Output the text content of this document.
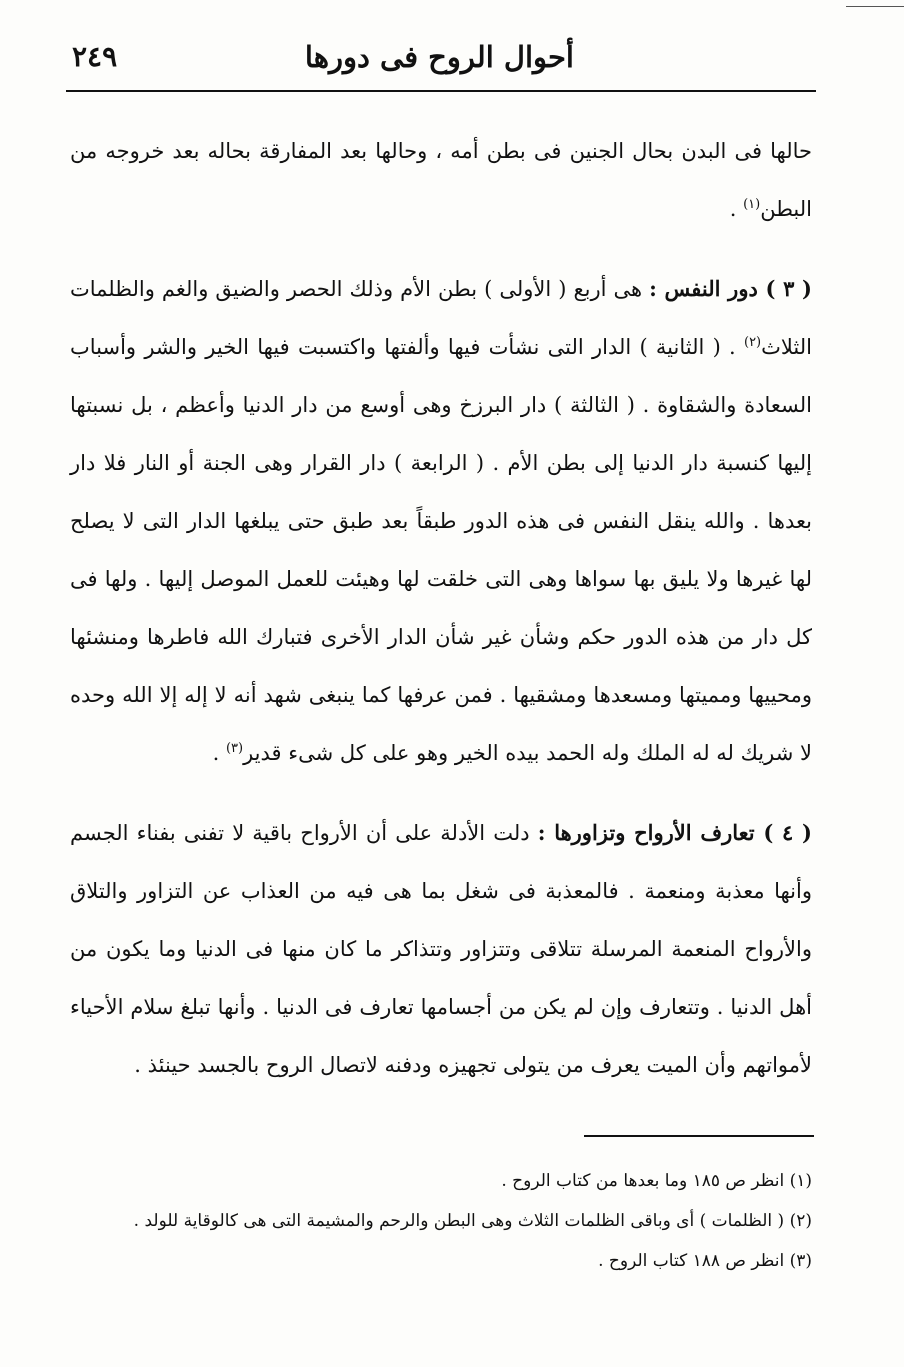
أحوال الروح فى دورها
٢٤٩

حالها فى البدن بحال الجنين فى بطن أمه ، وحالها بعد المفارقة بحاله بعد خروجه من البطن$^{(١)}$ .

( ٣ ) دور النفس : هى أربع ( الأولى ) بطن الأم وذلك الحصر والضيق والغم والظلمات الثلاث$^{(٢)}$ . ( الثانية ) الدار التى نشأت فيها وألفتها واكتسبت فيها الخير والشر وأسباب السعادة والشقاوة . ( الثالثة ) دار البرزخ وهى أوسع من دار الدنيا وأعظم ، بل نسبتها إليها كنسبة دار الدنيا إلى بطن الأم . ( الرابعة ) دار القرار وهى الجنة أو النار فلا دار بعدها . والله ينقل النفس فى هذه الدور طبقاً بعد طبق حتى يبلغها الدار التى لا يصلح لها غيرها ولا يليق بها سواها وهى التى خلقت لها وهيئت للعمل الموصل إليها . ولها فى كل دار من هذه الدور حكم وشأن غير شأن الدار الأخرى فتبارك الله فاطرها ومنشئها ومحييها ومميتها ومسعدها ومشقيها . فمن عرفها كما ينبغى شهد أنه لا إله إلا الله وحده لا شريك له له الملك وله الحمد بيده الخير وهو على كل شىء قدير$^{(٣)}$ .

( ٤ ) تعارف الأرواح وتزاورها : دلت الأدلة على أن الأرواح باقية لا تفنى بفناء الجسم وأنها معذبة ومنعمة . فالمعذبة فى شغل بما هى فيه من العذاب عن التزاور والتلاق والأرواح المنعمة المرسلة تتلاقى وتتزاور وتتذاكر ما كان منها فى الدنيا وما يكون من أهل الدنيا . وتتعارف وإن لم يكن من أجسامها تعارف فى الدنيا . وأنها تبلغ سلام الأحياء لأمواتهم وأن الميت يعرف من يتولى تجهيزه ودفنه لاتصال الروح بالجسد حينئذ .

(١) انظر ص ١٨٥ وما بعدها من كتاب الروح .

(٢) ( الظلمات ) أى وباقى الظلمات الثلاث وهى البطن والرحم والمشيمة التى هى كالوقاية للولد .

(٣) انظر ص ١٨٨ كتاب الروح .
